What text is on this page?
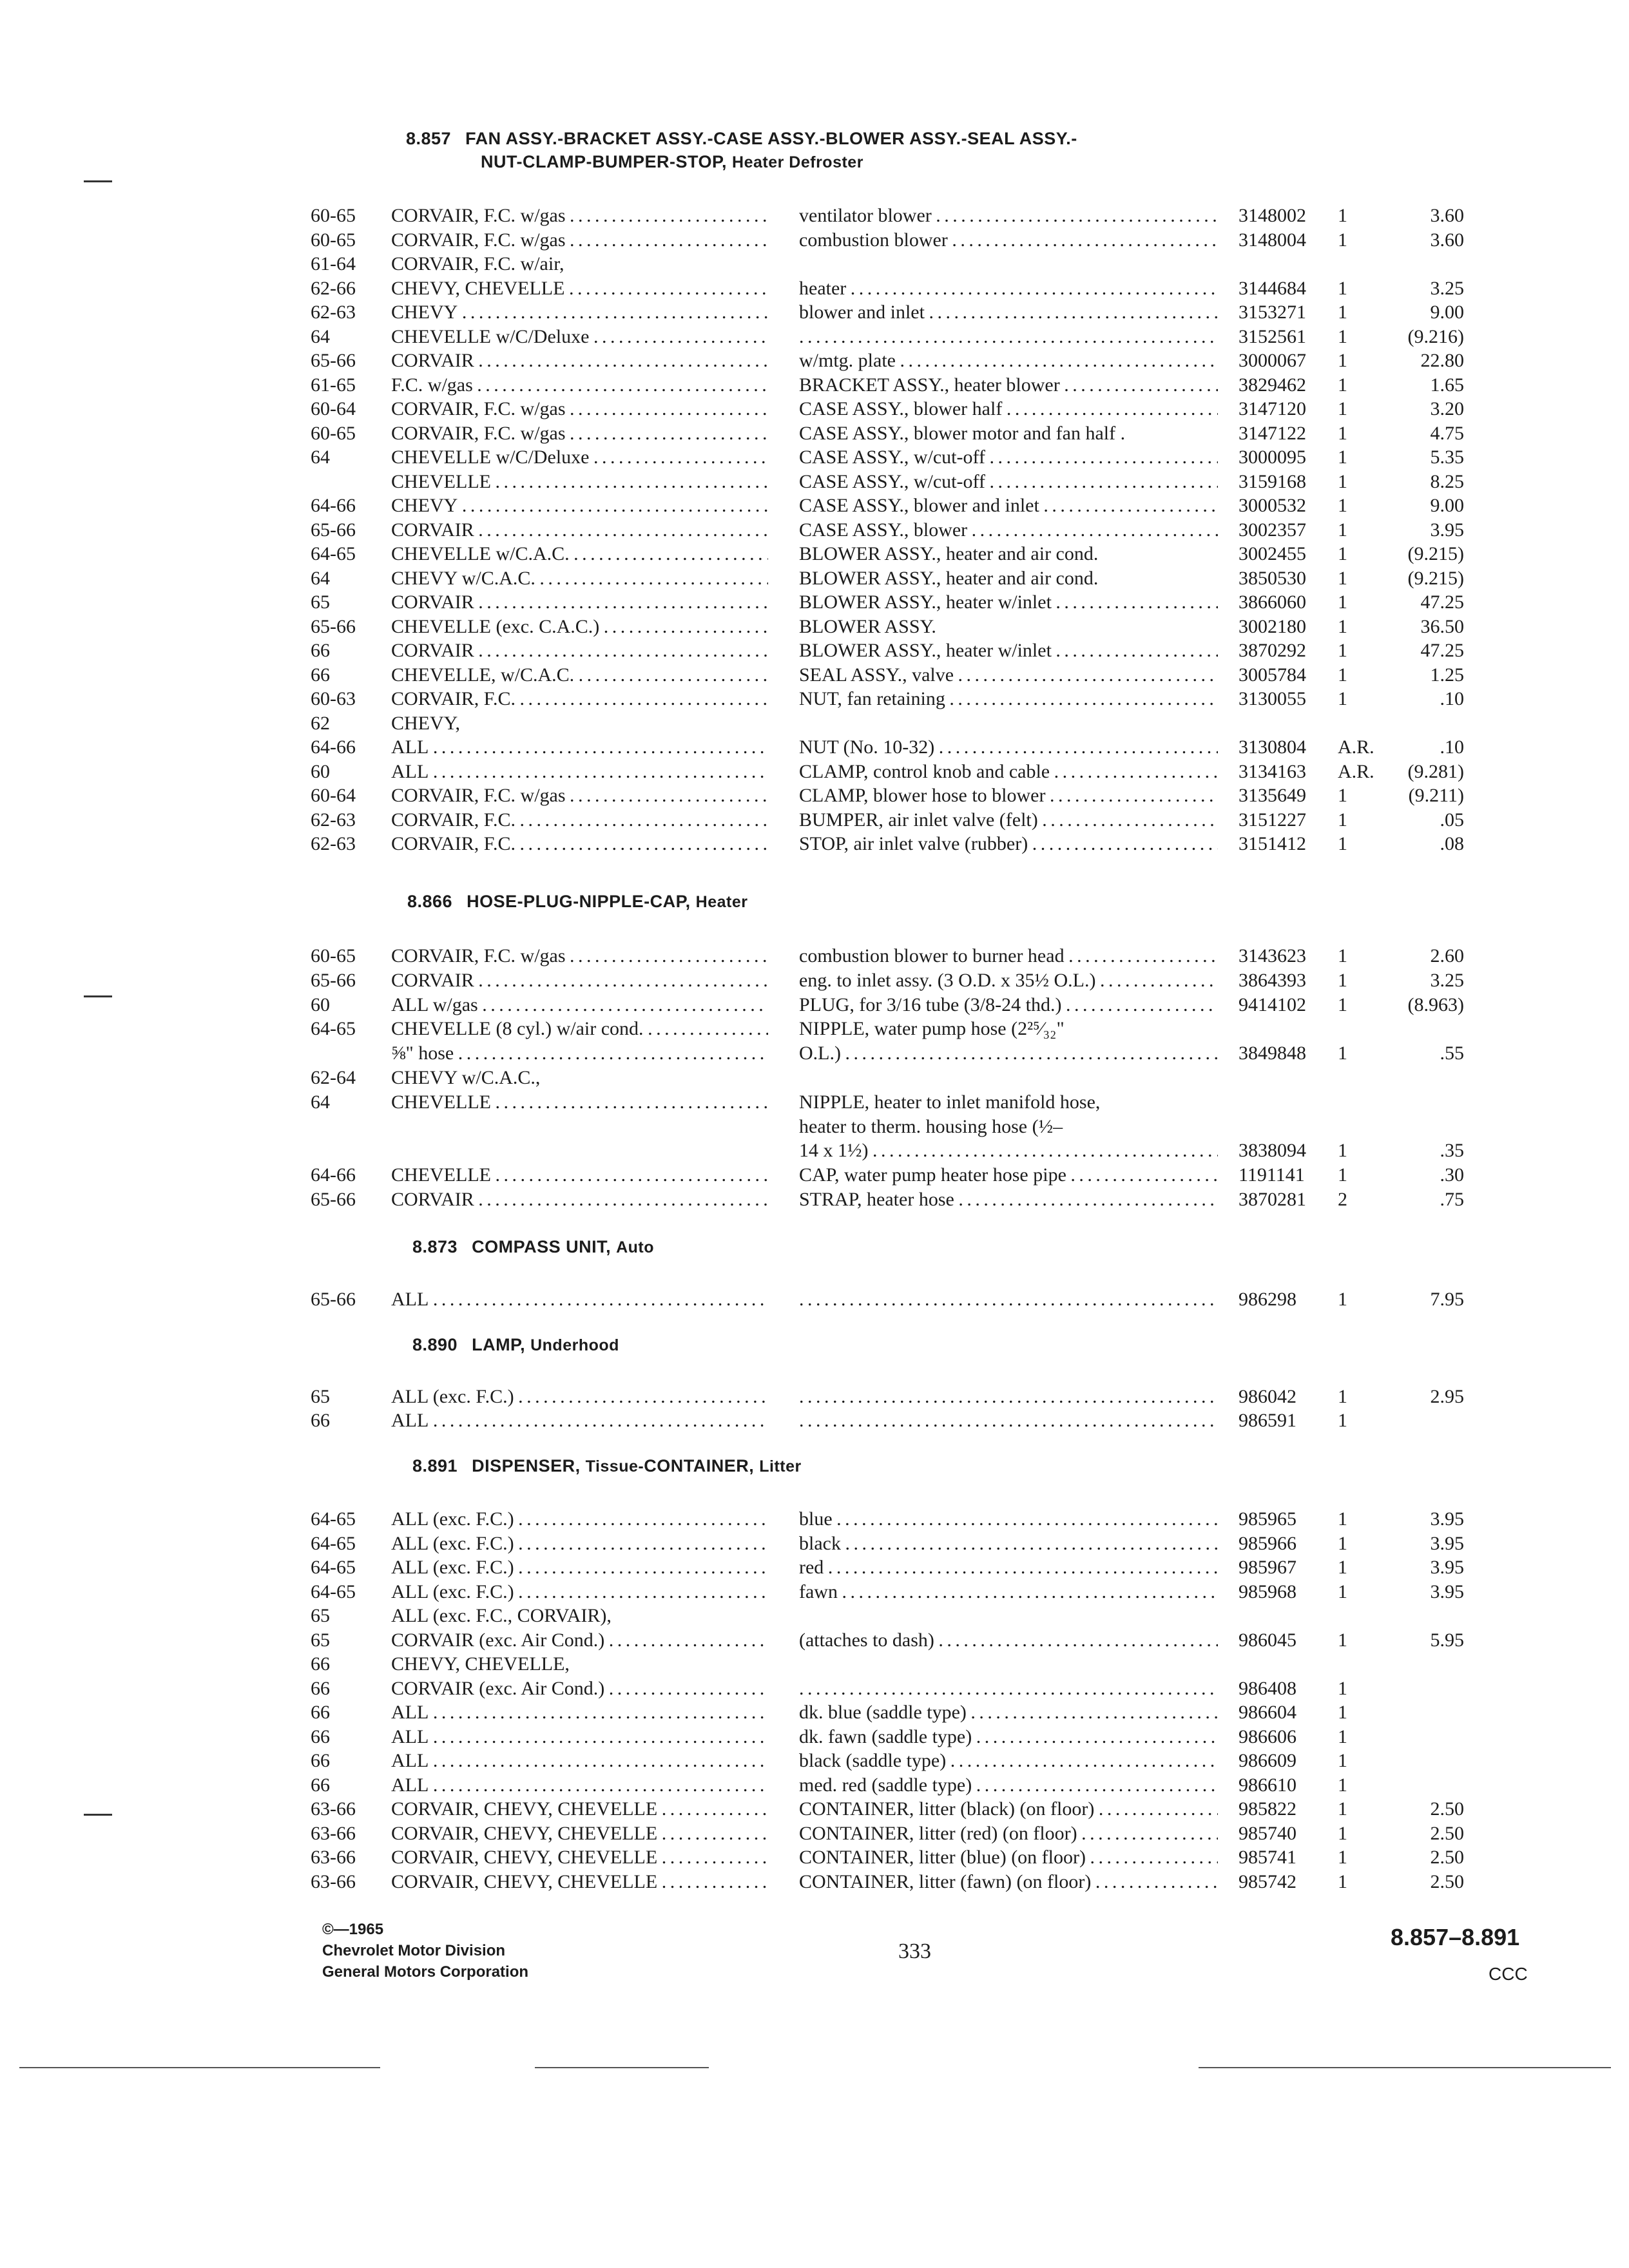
8.857 FAN ASSY.-BRACKET ASSY.-CASE ASSY.-BLOWER ASSY.-SEAL ASSY.-
NUT-CLAMP-BUMPER-STOP, Heater Defroster
8.866 HOSE-PLUG-NIPPLE-CAP, Heater
8.873 COMPASS UNIT, Auto
8.890 LAMP, Underhood
8.891 DISPENSER, Tissue-CONTAINER, Litter
60-65 CORVAIR, F.C. w/gas . . .	ventilator blower . . .	3148002 1	3.60
60-65 CORVAIR, F.C. w/gas . . .	combustion blower . . .	3148004 1	3.60
61-64 CORVAIR, F.C. w/air,
62-66 CHEVY, CHEVELLE . . .	heater . . .	3144684 1	3.25
62-63 CHEVY . . .	blower and inlet . . .	3153271 1	9.00
64	CHEVELLE w/C/Deluxe . . . . . .	3152561 1	(9.216)
65-66 CORVAIR . . .	w/mtg. plate . . .	3000067 1	22.80
61-65 F.C. w/gas . . .	BRACKET ASSY., heater blower . . .	3829462 1	1.65
60-64 CORVAIR, F.C. w/gas . . .	CASE ASSY., blower half . . .	3147120 1	3.20
60-65 CORVAIR, F.C. w/gas . . .	CASE ASSY., blower motor and fan half .	3147122 1	4.75
64	CHEVELLE w/C/Deluxe . . .	CASE ASSY., w/cut-off . . .	3000095 1	5.35
CHEVELLE . . .	CASE ASSY., w/cut-off . . .	3159168 1	8.25
64-66 CHEVY . . .	CASE ASSY., blower and inlet . . .	3000532 1	9.00
65-66 CORVAIR . . .	CASE ASSY., blower . . .	3002357 1	3.95
64-65 CHEVELLE w/C.A.C. . . .	BLOWER ASSY., heater and air cond.	3002455 1	(9.215)
64	CHEVY w/C.A.C. . . .	BLOWER ASSY., heater and air cond.	3850530 1	(9.215)
65	CORVAIR . . .	BLOWER ASSY., heater w/inlet . . .	3866060 1	47.25
65-66 CHEVELLE (exc. C.A.C.) . . .	BLOWER ASSY.	3002180 1	36.50
66	CORVAIR . . .	BLOWER ASSY., heater w/inlet . . .	3870292 1	47.25
66	CHEVELLE, w/C.A.C. . . .	SEAL ASSY., valve . . .	3005784 1	1.25
60-63 CORVAIR, F.C. . . .	NUT, fan retaining . . .	3130055 1	.10
62	CHEVY,
64-66 ALL . . .	NUT (No. 10-32) . . .	3130804 A.R.	.10
60	ALL . . .	CLAMP, control knob and cable . . .	3134163 A.R.	(9.281)
60-64 CORVAIR, F.C. w/gas . . .	CLAMP, blower hose to blower . . .	3135649 1	(9.211)
62-63 CORVAIR, F.C. . . .	BUMPER, air inlet valve (felt) . . .	3151227 1	.05
62-63 CORVAIR, F.C. . . .	STOP, air inlet valve (rubber) . . .	3151412 1	.08
60-65 CORVAIR, F.C. w/gas . . .	combustion blower to burner head . . .	3143623 1	2.60
65-66 CORVAIR . . .	eng. to inlet assy. (3 O.D. x 35½ O.L.) . . .	3864393 1	3.25
60	ALL w/gas . . .	PLUG, for 3/16 tube (3/8-24 thd.) . . .	9414102 1	(8.963)
64-65 CHEVELLE (8 cyl.) w/air cond. . . .	NIPPLE, water pump hose (2²⁵⁄₃₂"
⅝" hose . . .	O.L.) . . .	3849848 1	.55
62-64 CHEVY w/C.A.C.,
64	CHEVELLE . . .	NIPPLE, heater to inlet manifold hose,
heater to therm. housing hose (½–
14 x 1½) . . .	3838094 1	.35
64-66 CHEVELLE . . .	CAP, water pump heater hose pipe . . .	1191141 1	.30
65-66 CORVAIR . . .	STRAP, heater hose . . .	3870281 2	.75
65-66 ALL . . . . . .	986298 1	7.95
65	ALL (exc. F.C.) . . . . . .	986042 1	2.95
66	ALL . . . . . .	986591 1
64-65 ALL (exc. F.C.) . . .	blue . . .	985965 1	3.95
64-65 ALL (exc. F.C.) . . .	black . . .	985966 1	3.95
64-65 ALL (exc. F.C.) . . .	red . . .	985967 1	3.95
64-65 ALL (exc. F.C.) . . .	fawn . . .	985968 1	3.95
65	ALL (exc. F.C., CORVAIR),
65	CORVAIR (exc. Air Cond.) . . .	(attaches to dash) . . .	986045 1	5.95
66	CHEVY, CHEVELLE,
66	CORVAIR (exc. Air Cond.) . . . . . .	986408 1
66	ALL . . .	dk. blue (saddle type) . . .	986604 1
66	ALL . . .	dk. fawn (saddle type) . . .	986606 1
66	ALL . . .	black (saddle type) . . .	986609 1
66	ALL . . .	med. red (saddle type) . . .	986610 1
63-66 CORVAIR, CHEVY, CHEVELLE . . .	CONTAINER, litter (black) (on floor) . . .	985822 1	2.50
63-66 CORVAIR, CHEVY, CHEVELLE . . .	CONTAINER, litter (red) (on floor) . . .	985740 1	2.50
63-66 CORVAIR, CHEVY, CHEVELLE . . .	CONTAINER, litter (blue) (on floor) . . .	985741 1	2.50
63-66 CORVAIR, CHEVY, CHEVELLE . . .	CONTAINER, litter (fawn) (on floor) . . .	985742 1	2.50
©—1965
Chevrolet Motor Division
General Motors Corporation
333
8.857–8.891
CCC
